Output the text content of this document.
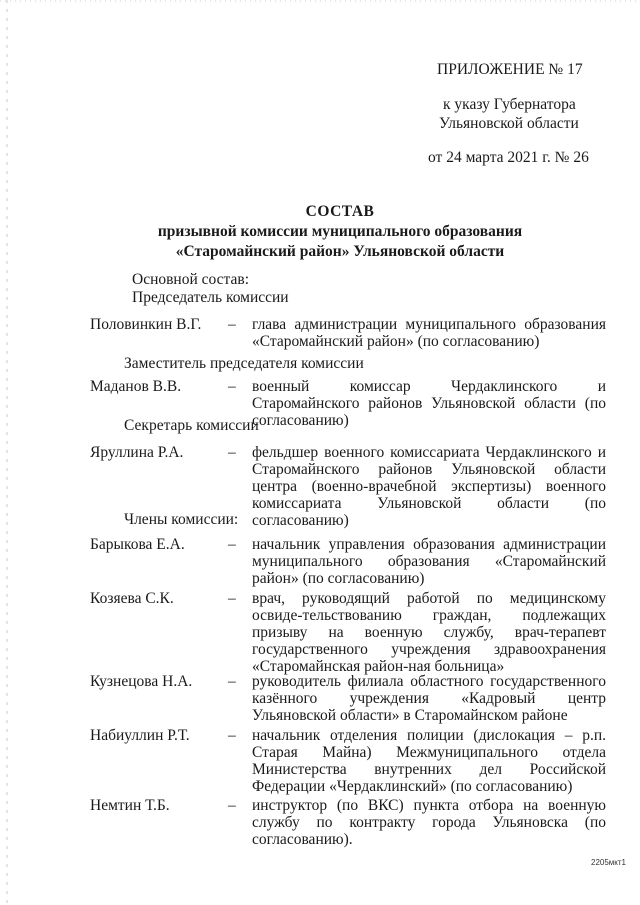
ПРИЛОЖЕНИЕ № 17
к указу Губернатора
Ульяновской области
от 24 марта 2021 г. № 26
СОСТАВ
призывной комиссии муниципального образования
«Старомайнский район» Ульяновской области
Основной состав:
Председатель комиссии
Половинкин В.Г. – глава администрации муниципального образования «Старомайнский район» (по согласованию)
Заместитель председателя комиссии
Маданов В.В.	– военный комиссар Чердаклинского и Старомайнского районов Ульяновской области (по согласованию)
Секретарь комиссии
Яруллина Р.А.	– фельдшер военного комиссариата Чердаклинского и Старомайнского районов Ульяновской области центра (военно-врачебной экспертизы) военного комиссариата Ульяновской области (по согласованию)
Члены комиссии:
Барыкова Е.А.	– начальник управления образования администрации муниципального образования «Старомайнский район» (по согласованию)
Козяева С.К.	– врач, руководящий работой по медицинскому освиде-тельствованию граждан, подлежащих призыву на военную службу, врач-терапевт государственного учреждения здравоохранения «Старомайнская район-ная больница»
Кузнецова Н.А. – руководитель филиала областного государственного казённого учреждения «Кадровый центр Ульяновской области» в Старомайнском районе
Набиуллин Р.Т. – начальник отделения полиции (дислокация – р.п. Старая Майна) Межмуниципального отдела Министерства внутренних дел Российской Федерации «Чердаклинский» (по согласованию)
Немтин Т.Б.	– инструктор (по ВКС) пункта отбора на военную службу по контракту города Ульяновска (по согласованию).
2205мкт1
